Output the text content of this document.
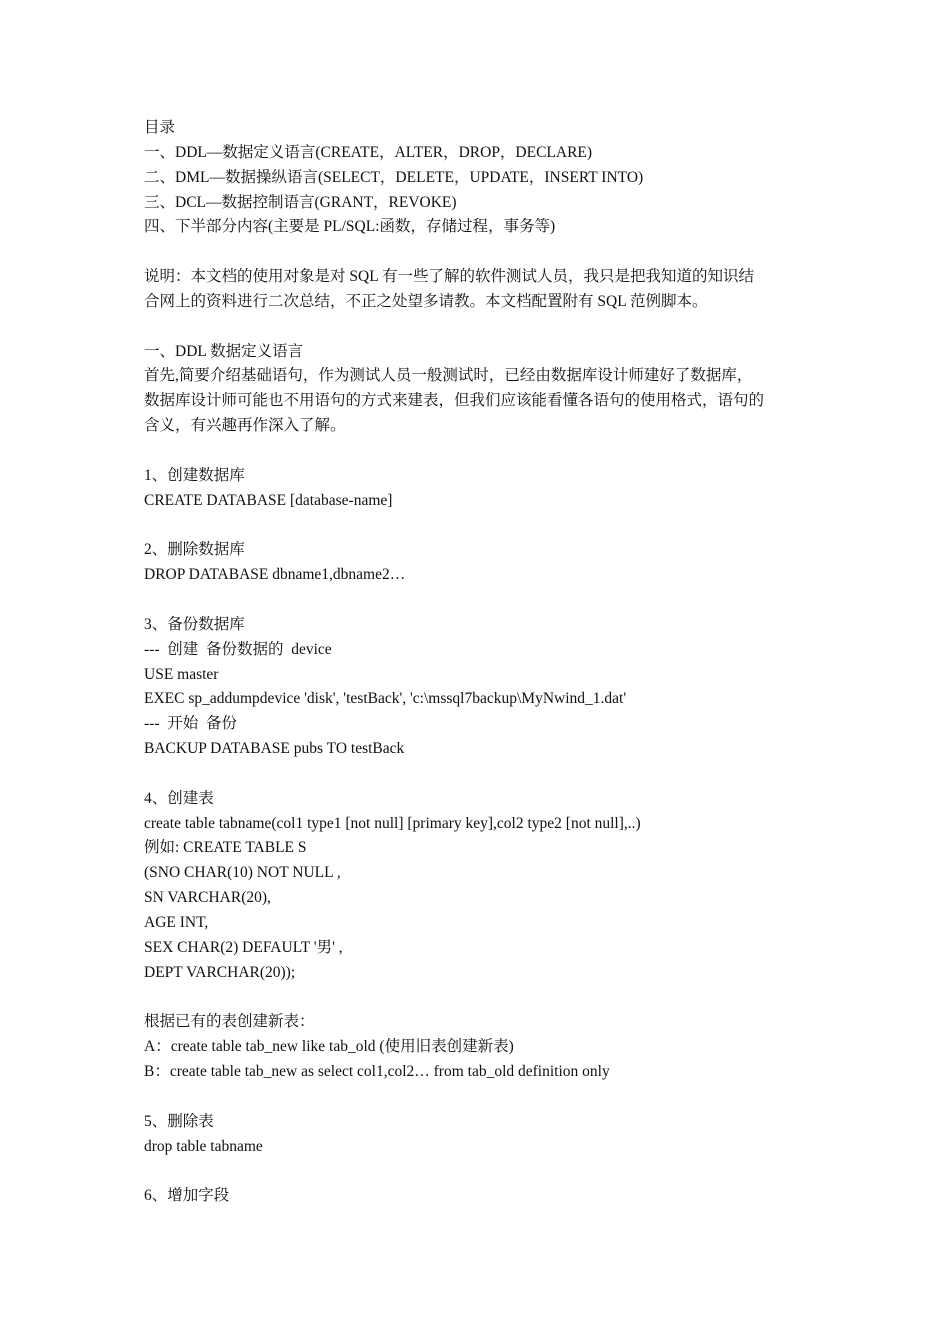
目录

一、DDL—数据定义语言(CREATE，ALTER，DROP，DECLARE)

二、DML—数据操纵语言(SELECT，DELETE，UPDATE，INSERT INTO)

三、DCL—数据控制语言(GRANT，REVOKE)

四、下半部分内容(主要是 PL/SQL:函数，存储过程，事务等)

说明：本文档的使用对象是对 SQL 有一些了解的软件测试人员，我只是把我知道的知识结

合网上的资料进行二次总结，不正之处望多请教。本文档配置附有 SQL 范例脚本。

一、DDL 数据定义语言

首先,简要介绍基础语句，作为测试人员一般测试时，已经由数据库设计师建好了数据库，

数据库设计师可能也不用语句的方式来建表，但我们应该能看懂各语句的使用格式，语句的

含义，有兴趣再作深入了解。

1、创建数据库

CREATE DATABASE [database-name]

2、删除数据库

DROP DATABASE dbname1,dbname2…

3、备份数据库

---  创建  备份数据的  device

USE master

EXEC sp_addumpdevice 'disk', 'testBack', 'c:\mssql7backup\MyNwind_1.dat'

---  开始  备份

BACKUP DATABASE pubs TO testBack

4、创建表

create table tabname(col1 type1 [not null] [primary key],col2 type2 [not null],..)

例如: CREATE TABLE S

(SNO CHAR(10) NOT NULL ,

SN VARCHAR(20),

AGE INT,

SEX CHAR(2) DEFAULT '男' ,

DEPT VARCHAR(20));

根据已有的表创建新表：

A：create table tab_new like tab_old (使用旧表创建新表)

B：create table tab_new as select col1,col2… from tab_old definition only

5、删除表

drop table tabname

6、增加字段
